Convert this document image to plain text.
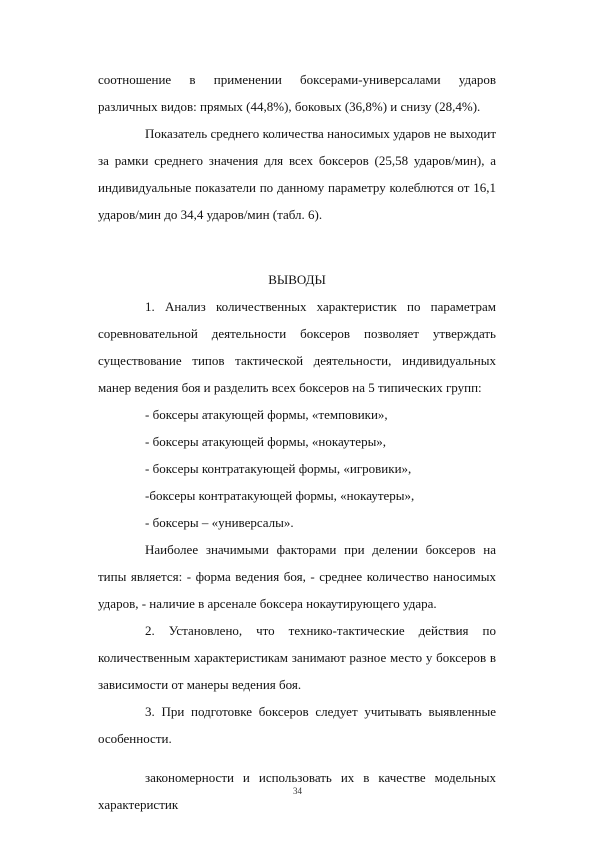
соотношение в применении боксерами-универсалами ударов различных видов: прямых (44,8%), боковых (36,8%) и снизу (28,4%).

Показатель среднего количества наносимых ударов не выходит за рамки среднего значения для всех боксеров (25,58 ударов/мин), а индивидуальные показатели по данному параметру колеблются от 16,1 ударов/мин до 34,4 ударов/мин (табл. 6).

ВЫВОДЫ

1. Анализ количественных характеристик по параметрам соревновательной деятельности боксеров позволяет утверждать существование типов тактической деятельности, индивидуальных манер ведения боя и разделить всех боксеров на 5 типических групп:

- боксеры атакующей формы, «темповики»,

- боксеры атакующей формы, «нокаутеры»,

- боксеры контратакующей формы, «игровики»,

-боксеры контратакующей формы, «нокаутеры»,

- боксеры – «универсалы».

Наиболее значимыми факторами при делении боксеров на типы является: - форма ведения боя, - среднее количество наносимых ударов, - наличие в арсенале боксера нокаутирующего удара.

2. Установлено, что технико-тактические действия по количественным характеристикам занимают разное место у боксеров в зависимости от манеры ведения боя.

3. При подготовке боксеров следует учитывать выявленные особенности.

закономерности и использовать их в качестве модельных характеристик

34
